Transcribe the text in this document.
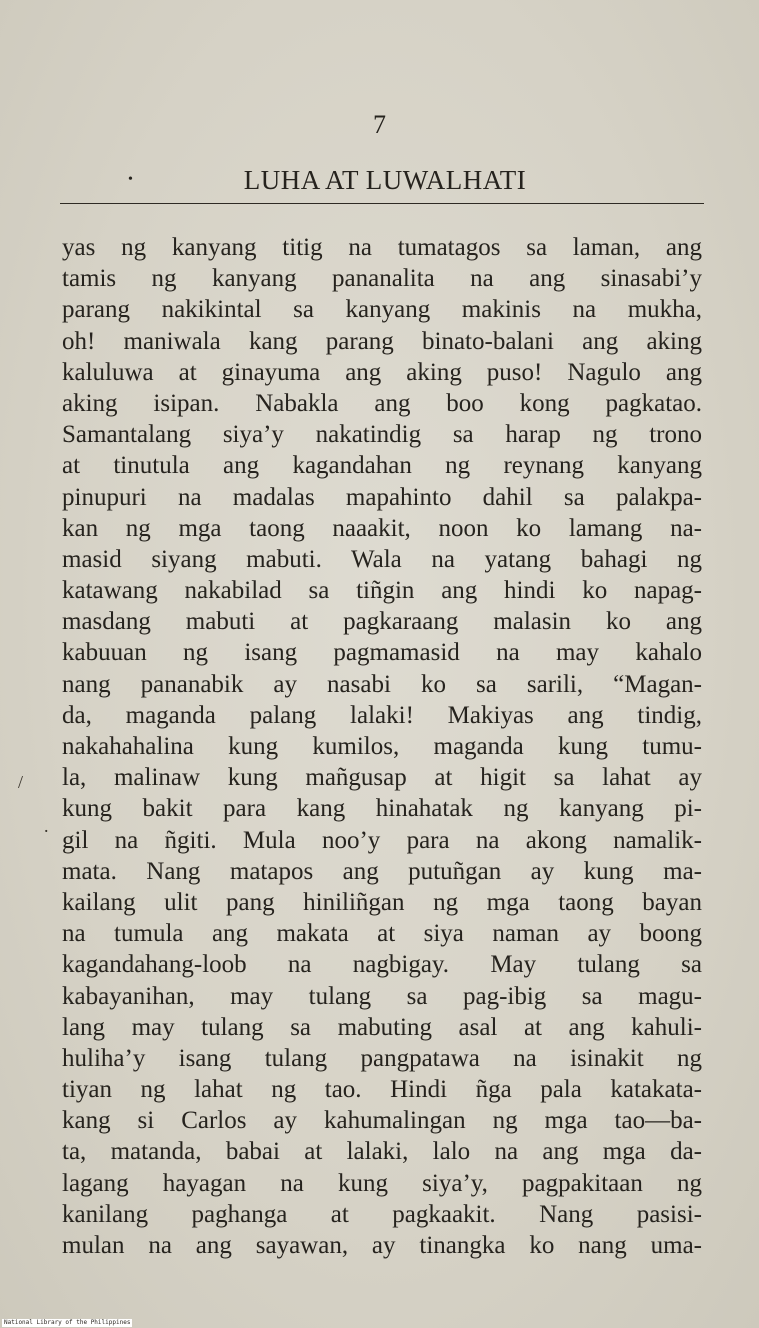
7
•	LUHA AT LUWALHATI
yas ng kanyang titig na tumatagos sa laman, ang
tamis ng kanyang pananalita na ang sinasabi’y
parang nakikintal sa kanyang makinis na mukha,
oh! maniwala kang parang binato-balani ang aking
kaluluwa at ginayuma ang aking puso! Nagulo ang
aking isipan. Nabakla ang boo kong pagkatao.
Samantalang siya’y nakatindig sa harap ng trono
at tinutula ang kagandahan ng reynang kanyang
pinupuri na madalas mapahinto dahil sa palakpa-
kan ng mga taong naaakit, noon ko lamang na-
masid siyang mabuti. Wala na yatang bahagi ng
katawang nakabilad sa tiñgin ang hindi ko napag-
masdang mabuti at pagkaraang malasin ko ang
kabuuan ng isang pagmamasid na may kahalo
nang pananabik ay nasabi ko sa sarili, “Magan-
da, maganda palang lalaki! Makiyas ang tindig,
nakahahalina kung kumilos, maganda kung tumu-
la, malinaw kung mañgusap at higit sa lahat ay
kung bakit para kang hinahatak ng kanyang pi-
gil na ñgiti. Mula noo’y para na akong namalik-
mata. Nang matapos ang putuñgan ay kung ma-
kailang ulit pang hiniliñgan ng mga taong bayan
na tumula ang makata at siya naman ay boong
kagandahang-loob na nagbigay. May tulang sa
kabayanihan, may tulang sa pag-ibig sa magu-
lang may tulang sa mabuting asal at ang kahuli-
huliha’y isang tulang pangpatawa na isinakit ng
tiyan ng lahat ng tao. Hindi ñga pala katakata-
kang si Carlos ay kahumalingan ng mga tao—ba-
ta, matanda, babai at lalaki, lalo na ang mga da-
lagang hayagan na kung siya’y, pagpakitaan ng
kanilang paghanga at pagkaakit. Nang pasisi-
mulan na ang sayawan, ay tinangka ko nang uma-
/
.
National Library of the Philippines
